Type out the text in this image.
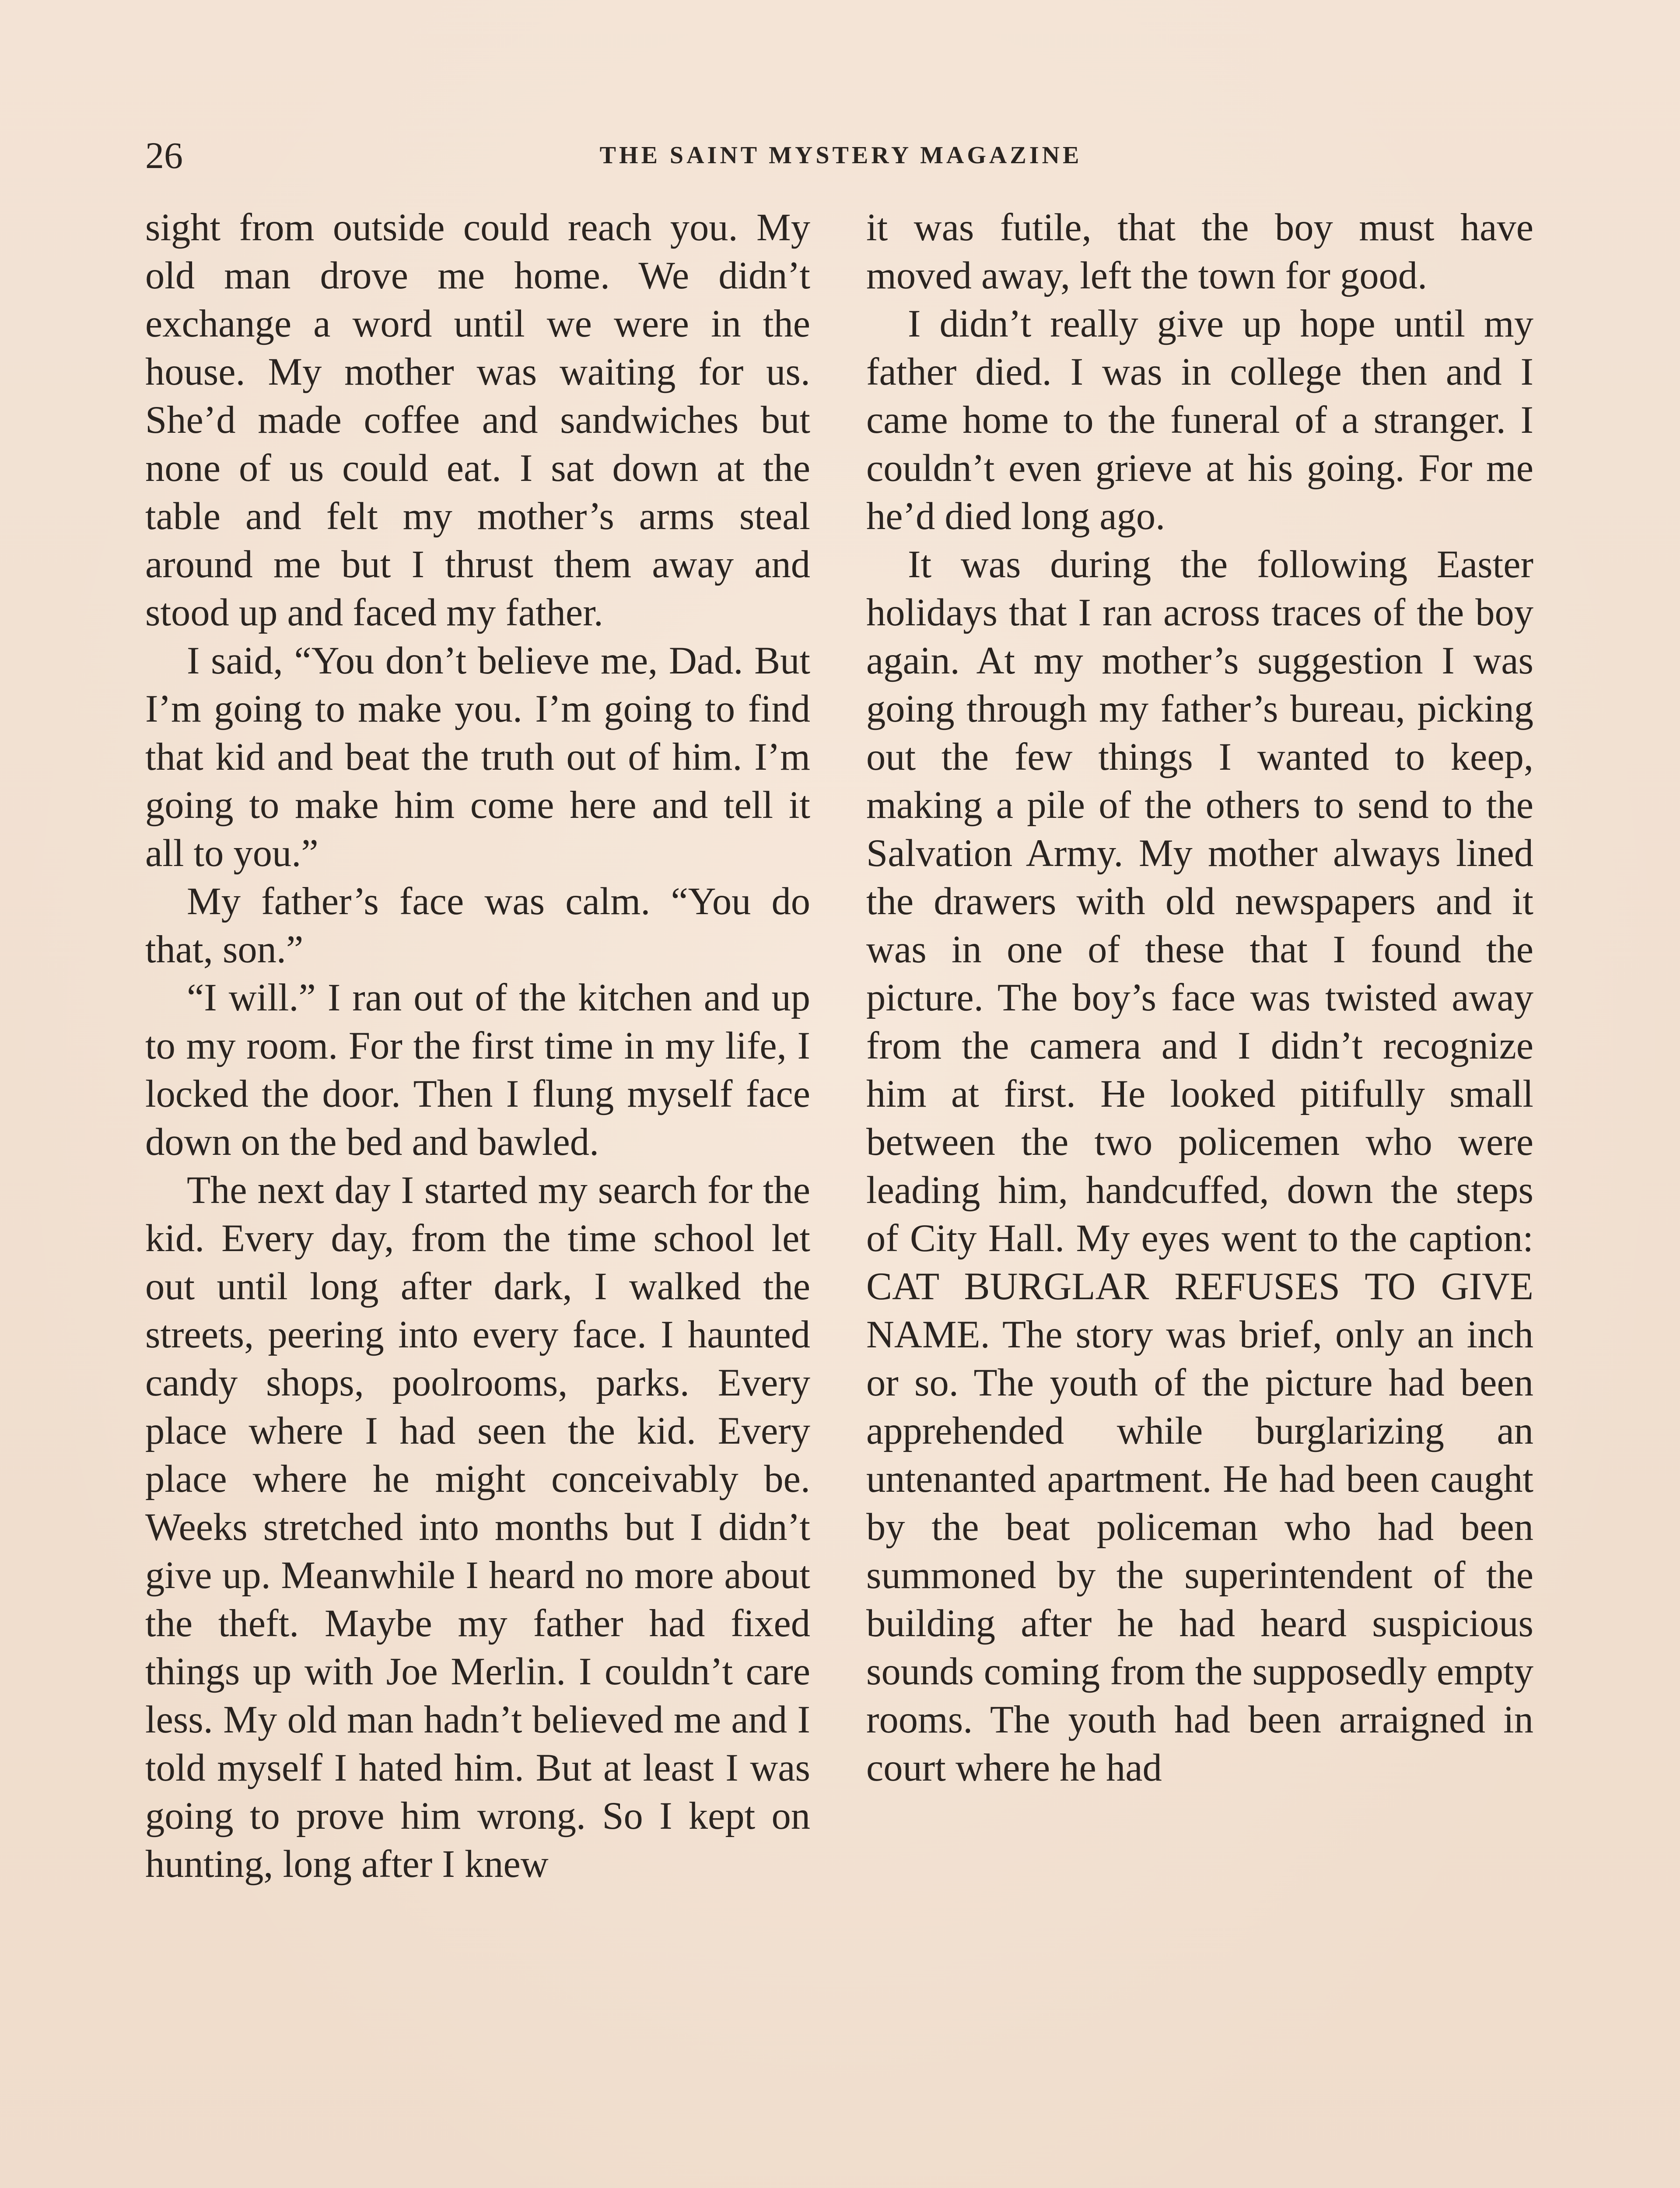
26	THE SAINT MYSTERY MAGAZINE

sight from outside could reach you. My old man drove me home. We didn’t exchange a word until we were in the house. My mother was waiting for us. She’d made coffee and sandwiches but none of us could eat. I sat down at the table and felt my mother’s arms steal around me but I thrust them away and stood up and faced my father.

I said, “You don’t believe me, Dad. But I’m going to make you. I’m going to find that kid and beat the truth out of him. I’m going to make him come here and tell it all to you.”

My father’s face was calm. “You do that, son.”

“I will.” I ran out of the kitchen and up to my room. For the first time in my life, I locked the door. Then I flung myself face down on the bed and bawled.

The next day I started my search for the kid. Every day, from the time school let out until long after dark, I walked the streets, peering into every face. I haunted candy shops, poolrooms, parks. Every place where I had seen the kid. Every place where he might conceivably be. Weeks stretched into months but I didn’t give up. Meanwhile I heard no more about the theft. Maybe my father had fixed things up with Joe Merlin. I couldn’t care less. My old man hadn’t believed me and I told myself I hated him. But at least I was going to prove him wrong. So I kept on hunting, long after I knew

it was futile, that the boy must have moved away, left the town for good.

I didn’t really give up hope until my father died. I was in college then and I came home to the funeral of a stranger. I couldn’t even grieve at his going. For me he’d died long ago.

It was during the following Easter holidays that I ran across traces of the boy again. At my mother’s suggestion I was going through my father’s bureau, picking out the few things I wanted to keep, making a pile of the others to send to the Salvation Army. My mother always lined the drawers with old newspapers and it was in one of these that I found the picture. The boy’s face was twisted away from the camera and I didn’t recognize him at first. He looked pitifully small between the two policemen who were leading him, handcuffed, down the steps of City Hall. My eyes went to the caption: CAT BURGLAR REFUSES TO GIVE NAME. The story was brief, only an inch or so. The youth of the picture had been apprehended while burglarizing an untenanted apartment. He had been caught by the beat policeman who had been summoned by the superintendent of the building after he had heard suspicious sounds coming from the supposedly empty rooms. The youth had been arraigned in court where he had
